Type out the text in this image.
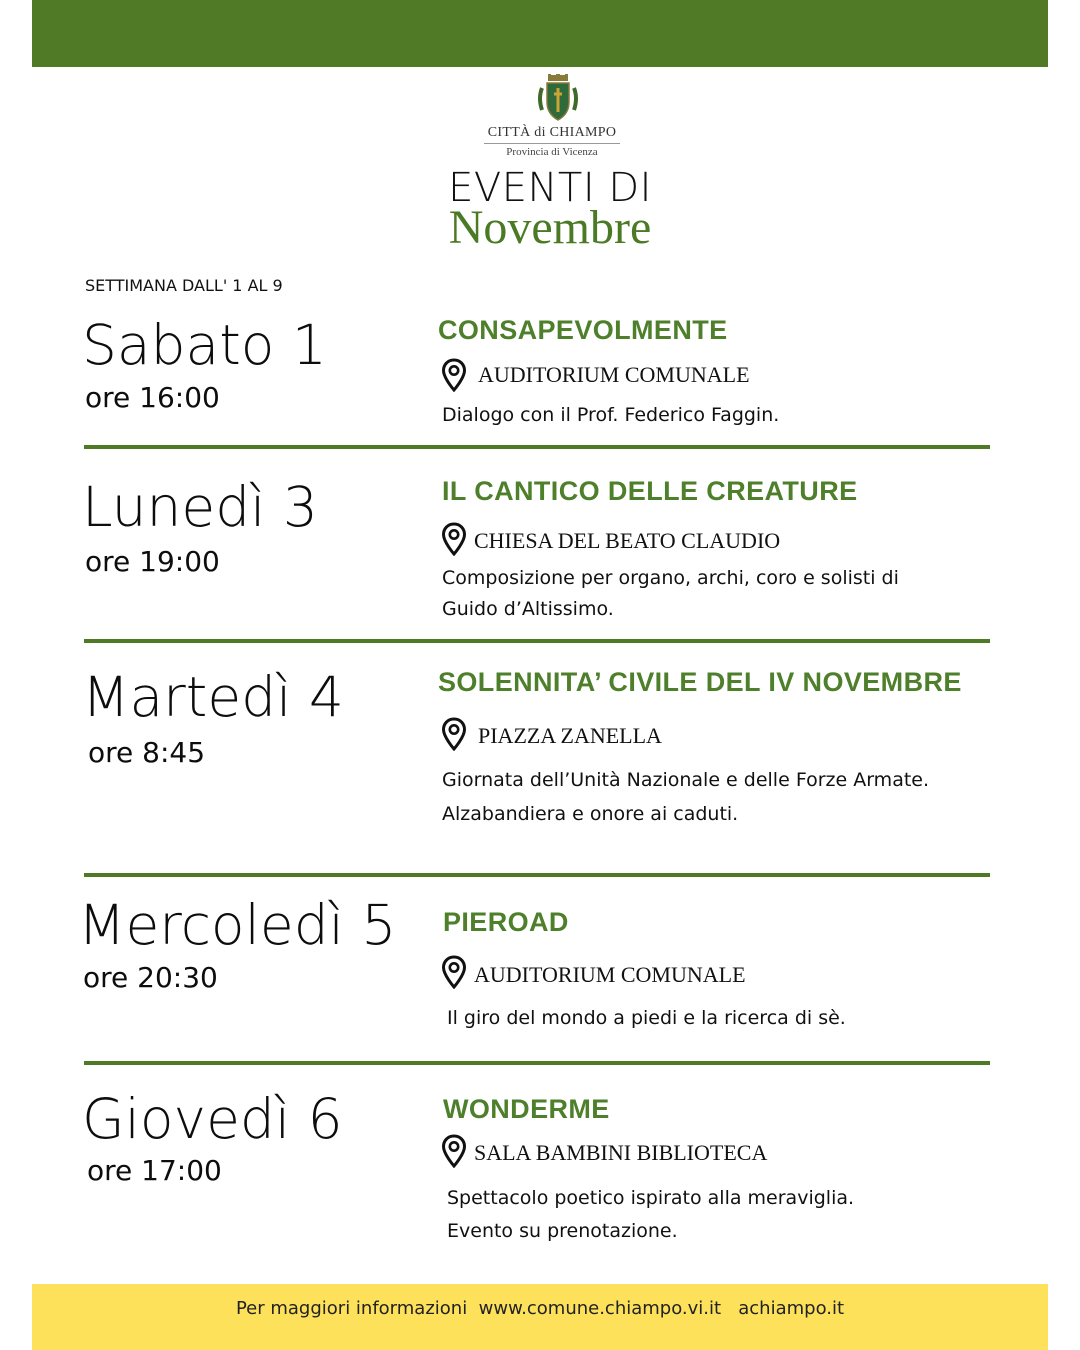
CITTÀ di CHIAMPO
Provincia di Vicenza
EVENTI DI
Novembre
SETTIMANA DALL' 1 AL 9
Sabato 1
ore 16:00
CONSAPEVOLMENTE
AUDITORIUM COMUNALE
Dialogo con il Prof. Federico Faggin.
Lunedì 3
ore 19:00
IL CANTICO DELLE CREATURE
CHIESA DEL BEATO CLAUDIO
Composizione per organo, archi, coro e solisti di
Guido d’Altissimo.
Martedì 4
ore 8:45
SOLENNITA’ CIVILE DEL IV NOVEMBRE
PIAZZA ZANELLA
Giornata dell’Unità Nazionale e delle Forze Armate.
Alzabandiera e onore ai caduti.
Mercoledì 5
ore 20:30
PIEROAD
AUDITORIUM COMUNALE
Il giro del mondo a piedi e la ricerca di sè.
Giovedì 6
ore 17:00
WONDERME
SALA BAMBINI BIBLIOTECA
Spettacolo poetico ispirato alla meraviglia.
Evento su prenotazione.
Per maggiori informazioni  www.comune.chiampo.vi.it   achiampo.it
